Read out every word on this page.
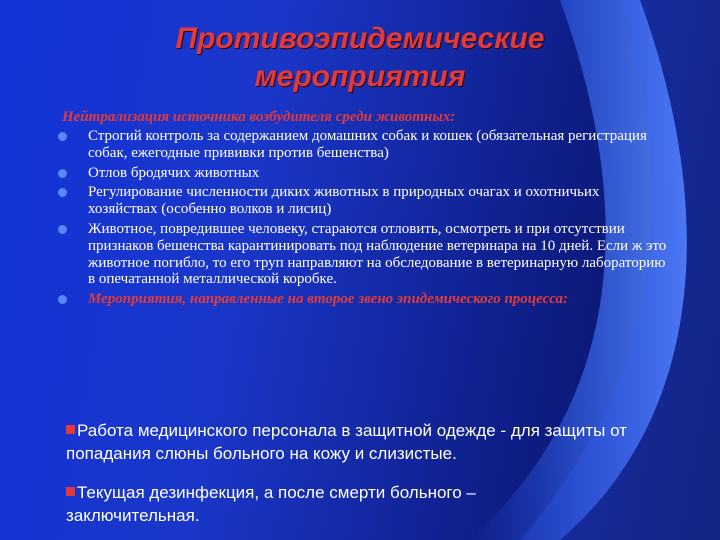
Противоэпидемические
мероприятия
Нейтрализация источника возбудителя среди животных:
Строгий контроль за содержанием домашних собак и кошек (обязательная регистрация собак, ежегодные прививки против бешенства)
Отлов бродячих животных
Регулирование численности диких животных в природных очагах и охотничьих хозяйствах (особенно волков и лисиц)
Животное, повредившее человеку, стараются отловить, осмотреть и при отсутствии признаков бешенства карантинировать под наблюдение ветеринара на 10 дней. Если ж это животное погибло, то его труп направляют на обследование в ветеринарную лабораторию в опечатанной металлической коробке.
Мероприятия, направленные на второе звено эпидемического процесса:
Работа медицинского персонала в защитной одежде - для защиты от попадания слюны больного на кожу и слизистые.
Текущая дезинфекция, а после смерти больного – заключительная.
